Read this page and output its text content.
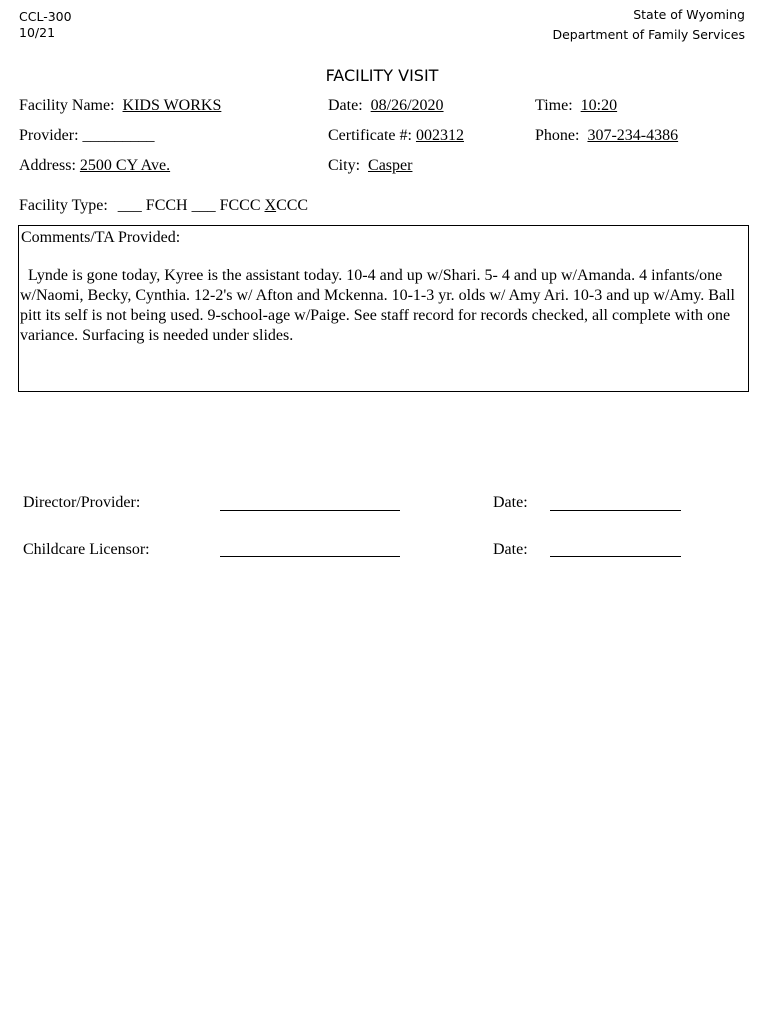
CCL-300
10/21
State of Wyoming
Department of Family Services
FACILITY VISIT
Facility Name: KIDS WORKS	Date: 08/26/2020	Time: 10:20
Provider: _________	Certificate #: 002312	Phone: 307-234-4386
Address: 2500 CY Ave.	City: Casper
Facility Type: ___ FCCH ___ FCCC XCCC
Comments/TA Provided:
Lynde is gone today, Kyree is the assistant today. 10-4 and up w/Shari. 5- 4 and up w/Amanda. 4 infants/one w/Naomi, Becky, Cynthia. 12-2's w/ Afton and Mckenna. 10-1-3 yr. olds w/ Amy Ari. 10-3 and up w/Amy. Ball pitt its self is not being used. 9-school-age w/Paige. See staff record for records checked, all complete with one variance. Surfacing is needed under slides.
Director/Provider:	Date:
Childcare Licensor:	Date:
